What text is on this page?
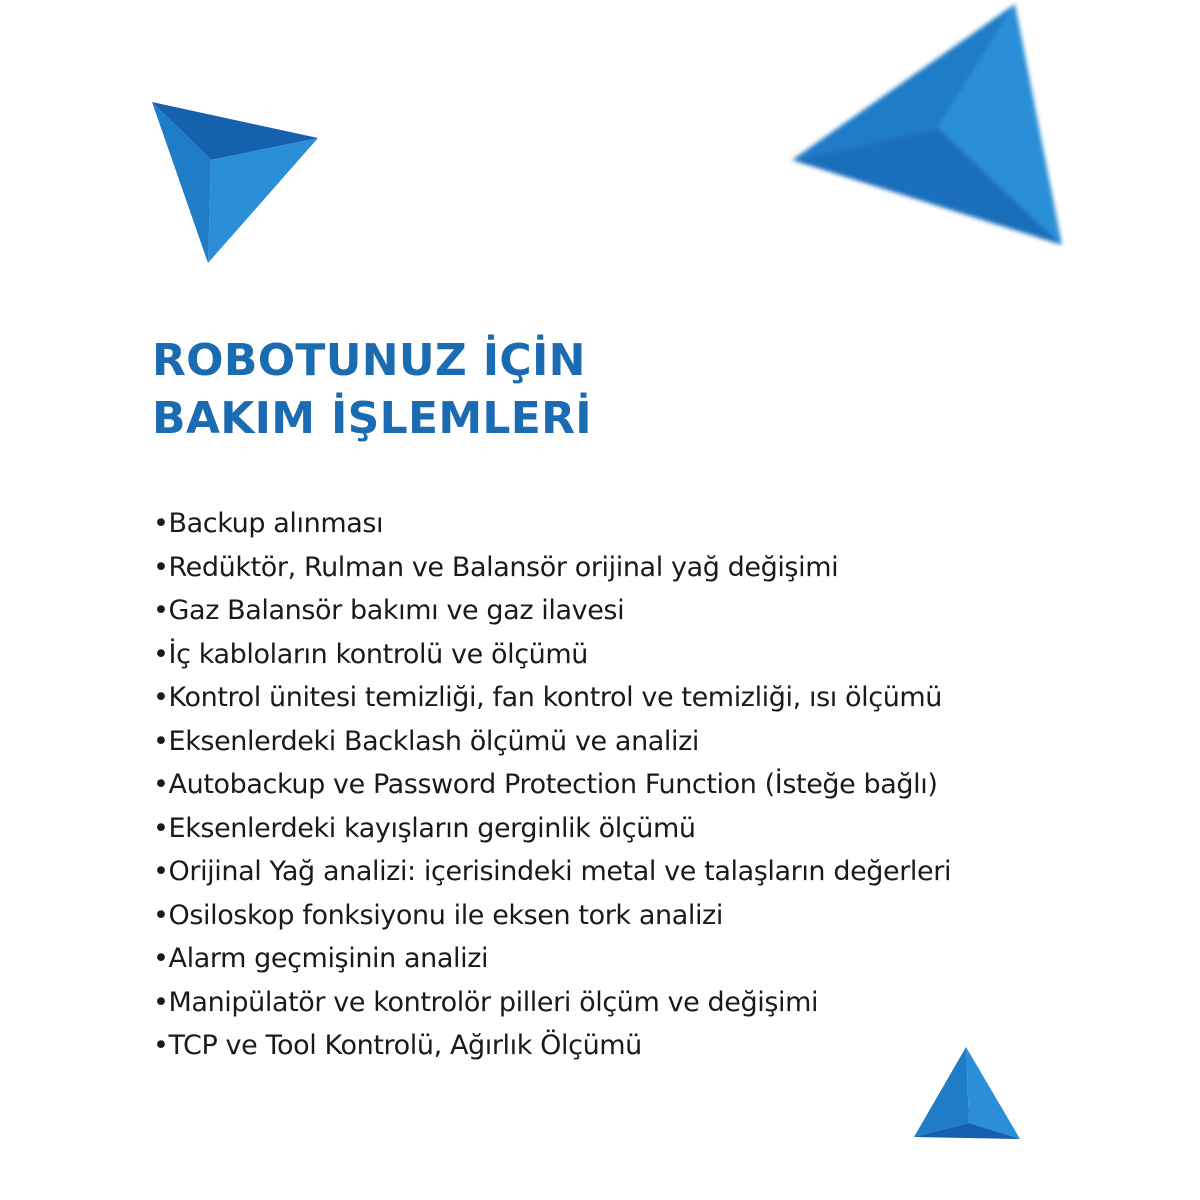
ROBOTUNUZ İÇİN
BAKIM İŞLEMLERİ
•Backup alınması
•Redüktör, Rulman ve Balansör orijinal yağ değişimi
•Gaz Balansör bakımı ve gaz ilavesi
•İç kabloların kontrolü ve ölçümü
•Kontrol ünitesi temizliği, fan kontrol ve temizliği, ısı ölçümü
•Eksenlerdeki Backlash ölçümü ve analizi
•Autobackup ve Password Protection Function (İsteğe bağlı)
•Eksenlerdeki kayışların gerginlik ölçümü
•Orijinal Yağ analizi: içerisindeki metal ve talaşların değerleri
•Osiloskop fonksiyonu ile eksen tork analizi
•Alarm geçmişinin analizi
•Manipülatör ve kontrolör pilleri ölçüm ve değişimi
•TCP ve Tool Kontrolü, Ağırlık Ölçümü
